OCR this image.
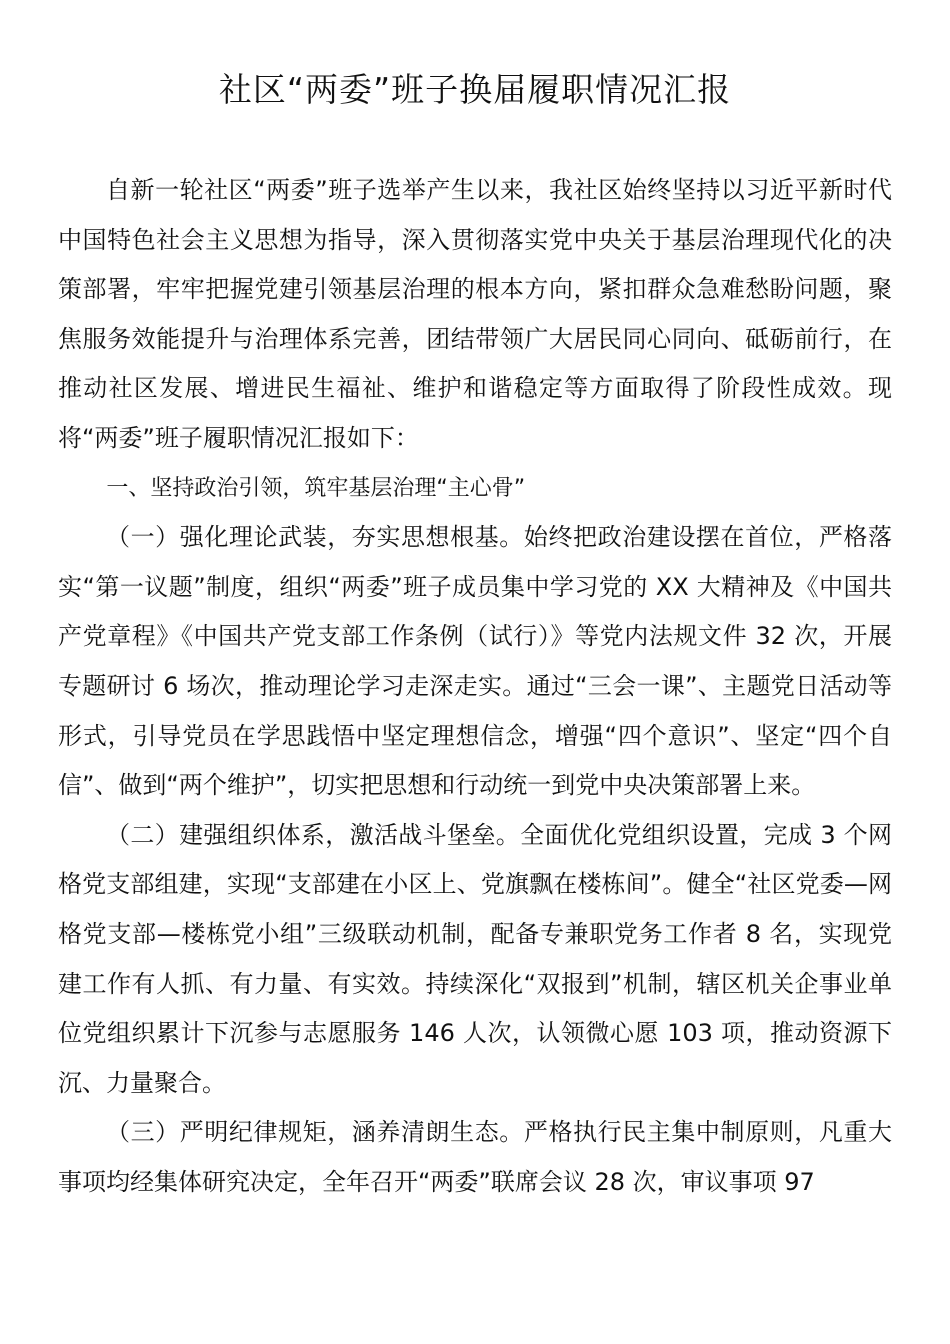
社区“两委”班子换届履职情况汇报

自新一轮社区“两委”班子选举产生以来，我社区始终坚持以习近平新时代中国特色社会主义思想为指导，深入贯彻落实党中央关于基层治理现代化的决策部署，牢牢把握党建引领基层治理的根本方向，紧扣群众急难愁盼问题，聚焦服务效能提升与治理体系完善，团结带领广大居民同心同向、砥砺前行，在推动社区发展、增进民生福祉、维护和谐稳定等方面取得了阶段性成效。现将“两委”班子履职情况汇报如下：

一、坚持政治引领，筑牢基层治理“主心骨”

（一）强化理论武装，夯实思想根基。始终把政治建设摆在首位，严格落实“第一议题”制度，组织“两委”班子成员集中学习党的 XX 大精神及《中国共产党章程》《中国共产党支部工作条例（试行）》等党内法规文件 32 次，开展专题研讨 6 场次，推动理论学习走深走实。通过“三会一课”、主题党日活动等形式，引导党员在学思践悟中坚定理想信念，增强“四个意识”、坚定“四个自信”、做到“两个维护”，切实把思想和行动统一到党中央决策部署上来。

（二）建强组织体系，激活战斗堡垒。全面优化党组织设置，完成 3 个网格党支部组建，实现“支部建在小区上、党旗飘在楼栋间”。健全“社区党委—网格党支部—楼栋党小组”三级联动机制，配备专兼职党务工作者 8 名，实现党建工作有人抓、有力量、有实效。持续深化“双报到”机制，辖区机关企事业单位党组织累计下沉参与志愿服务 146 人次，认领微心愿 103 项，推动资源下沉、力量聚合。

（三）严明纪律规矩，涵养清朗生态。严格执行民主集中制原则，凡重大事项均经集体研究决定，全年召开“两委”联席会议 28 次，审议事项 97
